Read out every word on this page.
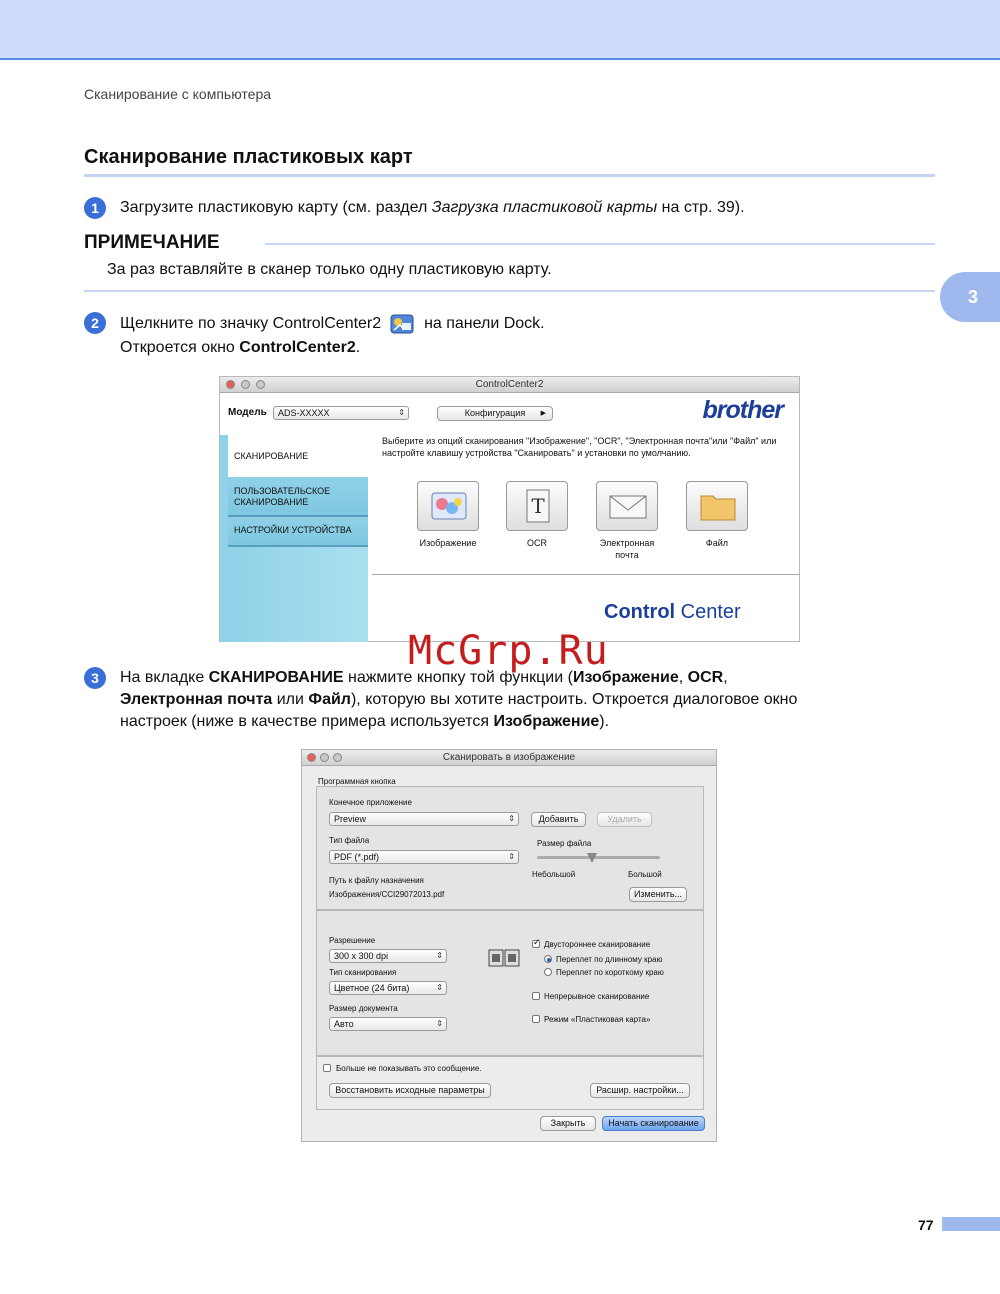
Сканирование с компьютера
Сканирование пластиковых карт
3
1	Загрузите пластиковую карту (см. раздел Загрузка пластиковой карты на стр. 39).
ПРИМЕЧАНИЕ
За раз вставляйте в сканер только одну пластиковую карту.
2	Щелкните по значку ControlCenter2	на панели Dock.
Откроется окно ControlCenter2.
ControlCenter2
Модель	ADS-XXXXX	⇕	Конфигурация ▶	brother
СКАНИРОВАНИЕ
ПОЛЬЗОВАТЕЛЬСКОЕ СКАНИРОВАНИЕ
НАСТРОЙКИ УСТРОЙСТВА
Выберите из опций сканирования "Изображение", "OCR", "Электронная почта"или "Файл" или настройте клавишу устройства "Сканировать" и установки по умолчанию.
Изображение
T
OCR	Электронная почта
Файл
Control Center
McGrp.Ru
3	На вкладке СКАНИРОВАНИЕ нажмите кнопку той функции (Изображение, OCR,
Электронная почта или Файл), которую вы хотите настроить. Откроется диалоговое окно
настроек (ниже в качестве примера используется Изображение).
Сканировать в изображение
Программная кнопка
Конечное приложение
Preview	⇕	Добавить	Удалить
Тип файла
PDF (*.pdf)	⇕
Размер файла
Небольшой	Большой
Путь к файлу назначения
Изображения/CCI29072013.pdf	Изменить...
Разрешение
300 x 300 dpi	⇕
Тип сканирования
Цветное (24 бита)	⇕
Размер документа
Авто	⇕
✓
Двустороннее сканирование
Переплет по длинному краю
Переплет по короткому краю
Непрерывное сканирование
Режим «Пластиковая карта»
Больше не показывать это сообщение.
Восстановить исходные параметры	Расшир. настройки...
Закрыть	Начать сканирование
77
